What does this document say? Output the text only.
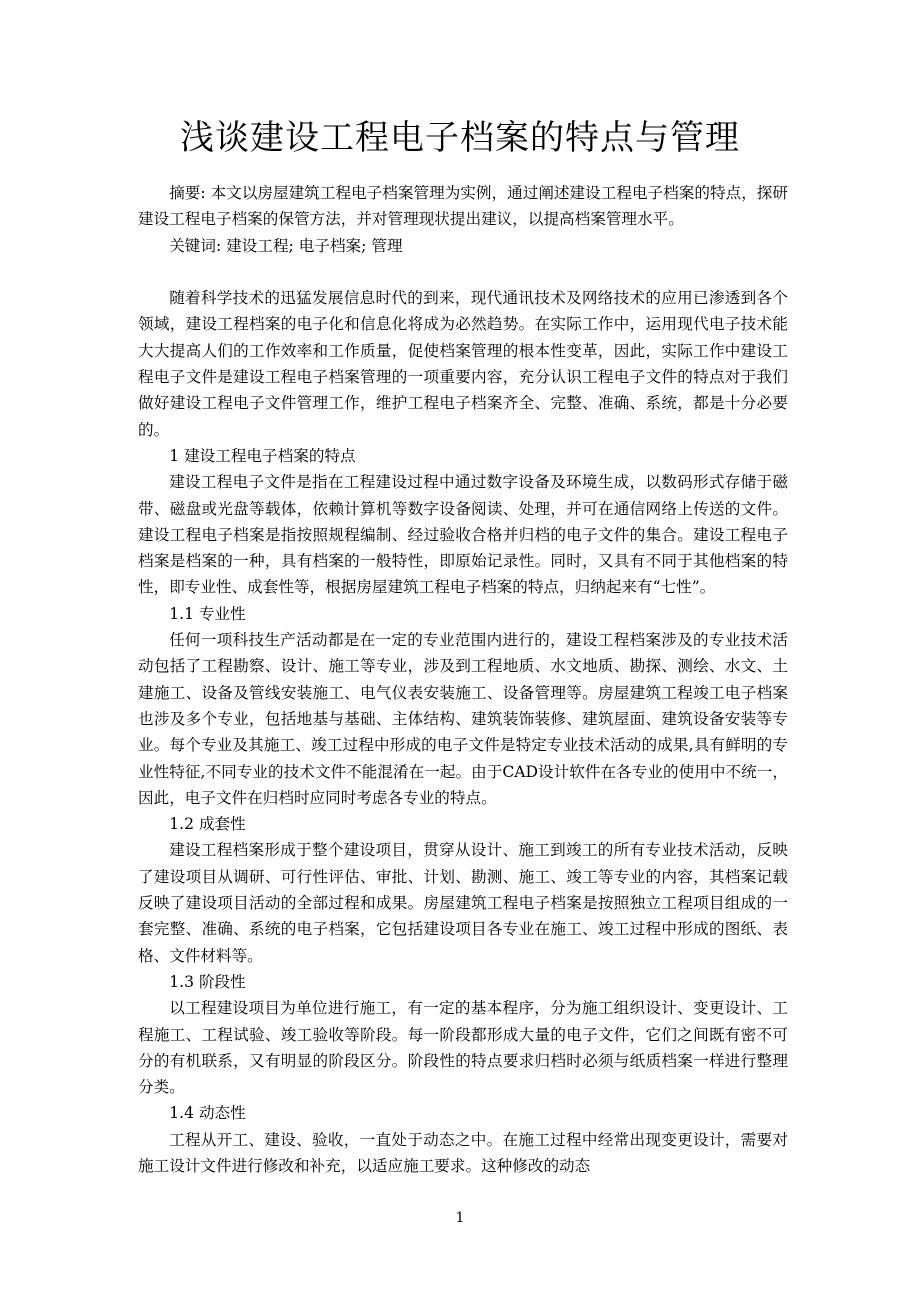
浅谈建设工程电子档案的特点与管理

摘要: 本文以房屋建筑工程电子档案管理为实例，通过阐述建设工程电子档案的特点，探研建设工程电子档案的保管方法，并对管理现状提出建议，以提高档案管理水平。

关键词: 建设工程; 电子档案; 管理

随着科学技术的迅猛发展信息时代的到来，现代通讯技术及网络技术的应用已渗透到各个领域，建设工程档案的电子化和信息化将成为必然趋势。在实际工作中，运用现代电子技术能大大提高人们的工作效率和工作质量，促使档案管理的根本性变革，因此，实际工作中建设工程电子文件是建设工程电子档案管理的一项重要内容，充分认识工程电子文件的特点对于我们做好建设工程电子文件管理工作，维护工程电子档案齐全、完整、准确、系统，都是十分必要的。

1 建设工程电子档案的特点

建设工程电子文件是指在工程建设过程中通过数字设备及环境生成，以数码形式存储于磁带、磁盘或光盘等载体，依赖计算机等数字设备阅读、处理，并可在通信网络上传送的文件。建设工程电子档案是指按照规程编制、经过验收合格并归档的电子文件的集合。建设工程电子档案是档案的一种，具有档案的一般特性，即原始记录性。同时，又具有不同于其他档案的特性，即专业性、成套性等，根据房屋建筑工程电子档案的特点，归纳起来有“七性”。

1.1 专业性

任何一项科技生产活动都是在一定的专业范围内进行的，建设工程档案涉及的专业技术活动包括了工程勘察、设计、施工等专业，涉及到工程地质、水文地质、勘探、测绘、水文、土建施工、设备及管线安装施工、电气仪表安装施工、设备管理等。房屋建筑工程竣工电子档案也涉及多个专业，包括地基与基础、主体结构、建筑装饰装修、建筑屋面、建筑设备安装等专业。每个专业及其施工、竣工过程中形成的电子文件是特定专业技术活动的成果,具有鲜明的专业性特征,不同专业的技术文件不能混淆在一起。由于CAD设计软件在各专业的使用中不统一，因此，电子文件在归档时应同时考虑各专业的特点。

1.2 成套性

建设工程档案形成于整个建设项目，贯穿从设计、施工到竣工的所有专业技术活动，反映了建设项目从调研、可行性评估、审批、计划、勘测、施工、竣工等专业的内容，其档案记载反映了建设项目活动的全部过程和成果。房屋建筑工程电子档案是按照独立工程项目组成的一套完整、准确、系统的电子档案，它包括建设项目各专业在施工、竣工过程中形成的图纸、表格、文件材料等。

1.3 阶段性

以工程建设项目为单位进行施工，有一定的基本程序，分为施工组织设计、变更设计、工程施工、工程试验、竣工验收等阶段。每一阶段都形成大量的电子文件，它们之间既有密不可分的有机联系，又有明显的阶段区分。阶段性的特点要求归档时必须与纸质档案一样进行整理分类。

1.4 动态性

工程从开工、建设、验收，一直处于动态之中。在施工过程中经常出现变更设计，需要对施工设计文件进行修改和补充，以适应施工要求。这种修改的动态

1
